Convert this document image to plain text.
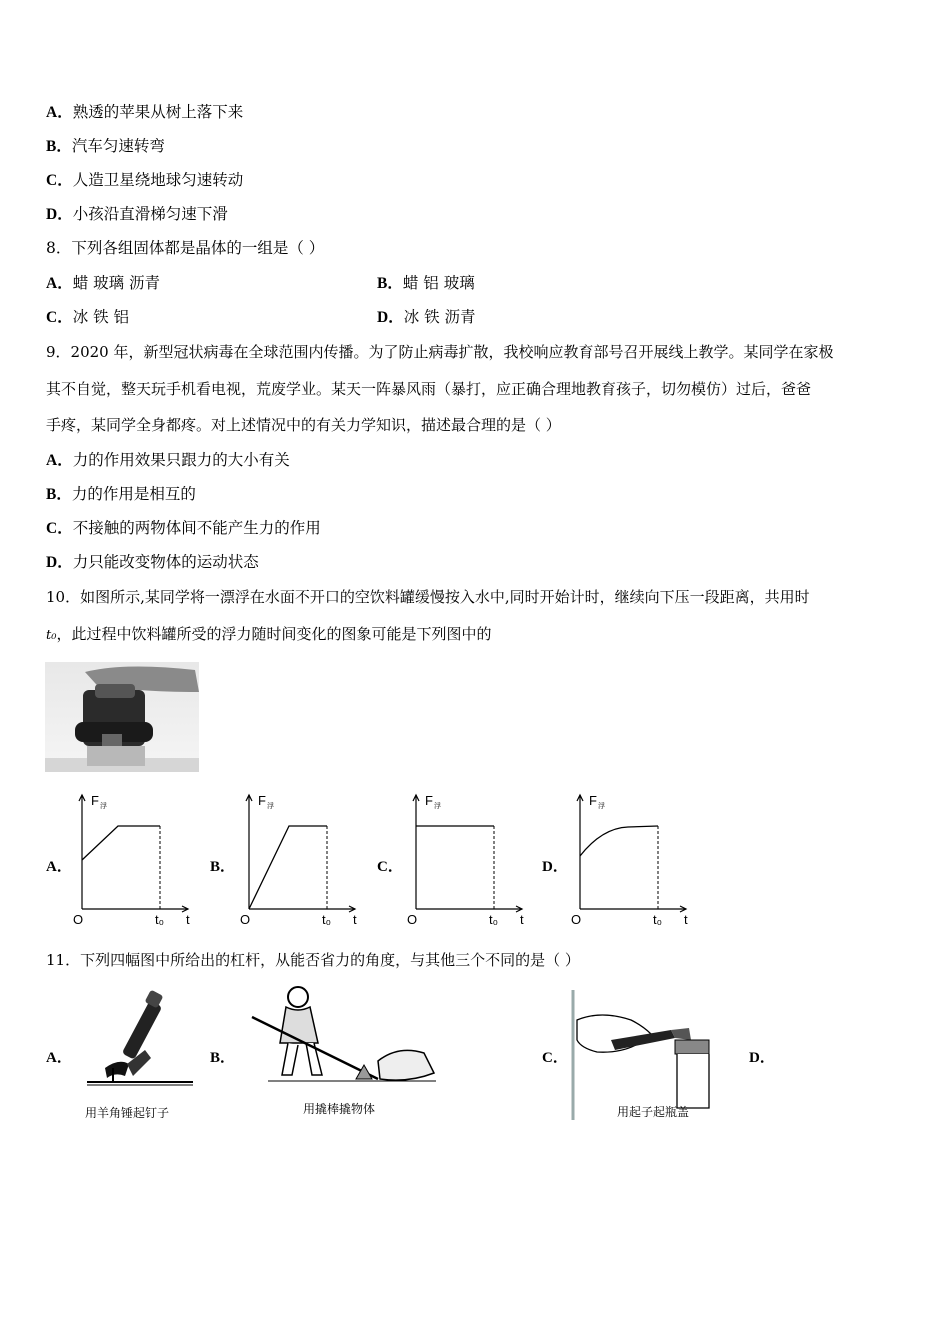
A．熟透的苹果从树上落下来
B．汽车匀速转弯
C．人造卫星绕地球匀速转动
D．小孩沿直滑梯匀速下滑
8．下列各组固体都是晶体的一组是（ ）
A．蜡 玻璃 沥青	B．蜡 铝 玻璃
C．冰 铁 铝	D．冰 铁 沥青
9．2020 年，新型冠状病毒在全球范围内传播。为了防止病毒扩散，我校响应教育部号召开展线上教学。某同学在家极
其不自觉，整天玩手机看电视，荒废学业。某天一阵暴风雨（暴打，应正确合理地教育孩子，切勿模仿）过后，爸爸
手疼，某同学全身都疼。对上述情况中的有关力学知识，描述最合理的是（ ）
A．力的作用效果只跟力的大小有关
B．力的作用是相互的
C．不接触的两物体间不能产生力的作用
D．力只能改变物体的运动状态
10．如图所示,某同学将一漂浮在水面不开口的空饮料罐缓慢按入水中,同时开始计时，继续向下压一段距离，共用时
t₀，此过程中饮料罐所受的浮力随时间变化的图象可能是下列图中的
A．	B．	C．	D．
F 浮
O	t₀ t
F 浮
O	t₀ t
F 浮
O	t₀ t
F 浮
O	t₀ t
11．下列四幅图中所给出的杠杆，从能否省力的角度，与其他三个不同的是（ ）
A．	B．	C．	D．
用羊角锤起钉子	用撬棒撬物体	用起子起瓶盖
